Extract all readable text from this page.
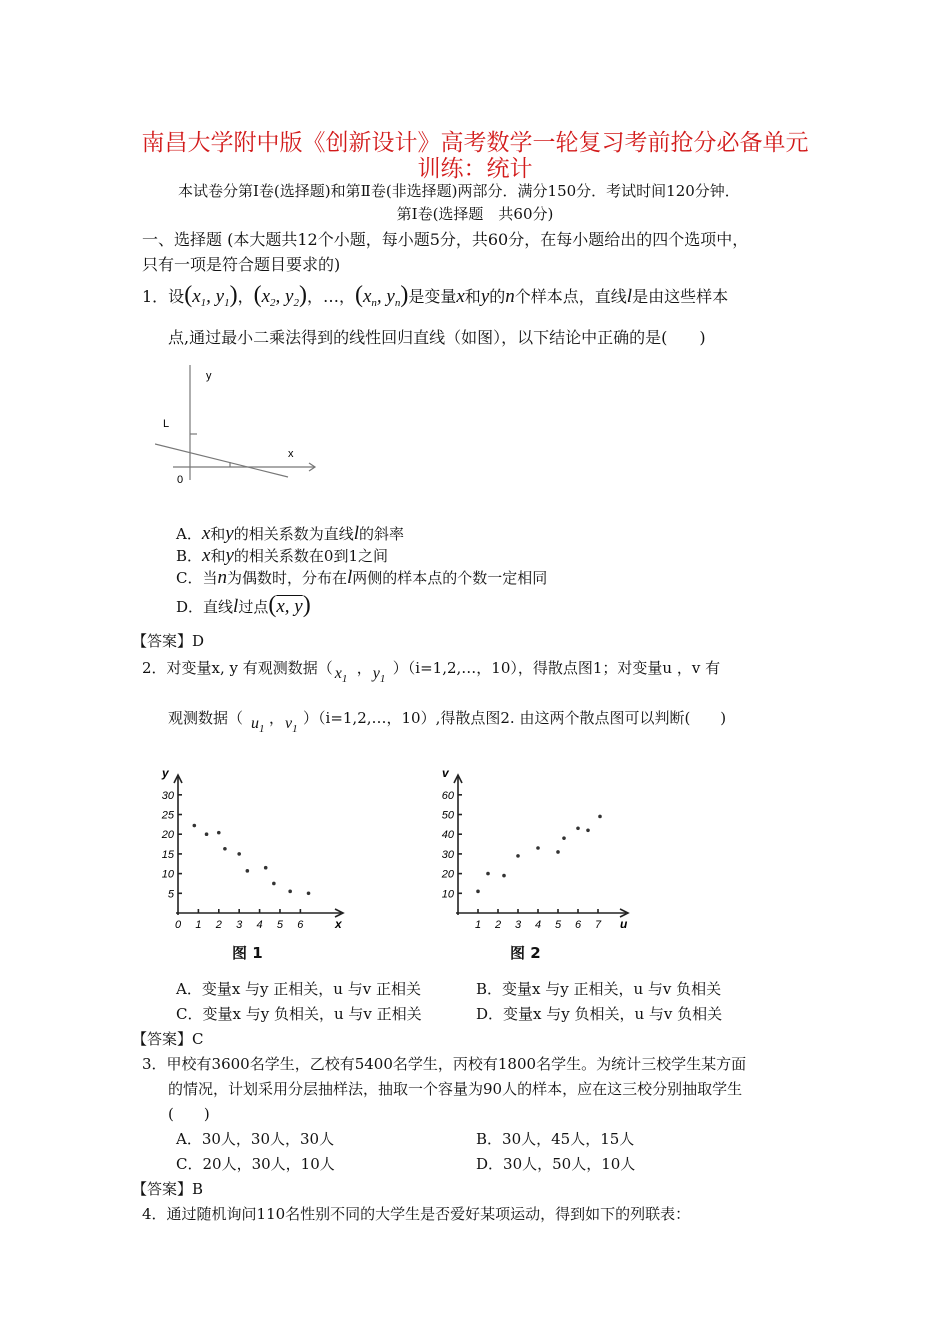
南昌大学附中版《创新设计》高考数学一轮复习考前抢分必备单元
训练：统计
本试卷分第Ⅰ卷(选择题)和第Ⅱ卷(非选择题)两部分．满分150分．考试时间120分钟．
第Ⅰ卷(选择题　共60分)
一、选择题 (本大题共12个小题，每小题5分，共60分，在每小题给出的四个选项中，
只有一项是符合题目要求的)
1．设($x_1$, $y_1$)，($x_2$, $y_2$)，…，($x_n$, $y_n$)是变量x和y的n个样本点，直线l是由这些样本
点,通过最小二乘法得到的线性回归直线（如图），以下结论中正确的是(　　)
y
L
x
0
A．x和y的相关系数为直线l的斜率
B．x和y的相关系数在0到1之间
C．当n为偶数时，分布在l两侧的样本点的个数一定相同
D．直线l过点(x, y)
【答案】D
2．对变量x, y 有观测数据（ $x_1$
， $y_1$
）（i=1,2,…，10），得散点图1；对变量u ，v 有
观测数据（ $u_1$
， $v_1$
）（i=1,2,…，10）,得散点图2. 由这两个散点图可以判断(　　)
5
10
15
20
25
30
0 1 2 3 4 5 6
y
x
10
20
30
40
50
60
1 2 3 4 5 6 7
v
u
图 1	图 2
A．变量x 与y 正相关，u 与v 正相关	B．变量x 与y 正相关，u 与v 负相关
C．变量x 与y 负相关，u 与v 正相关	D．变量x 与y 负相关，u 与v 负相关
【答案】C
3．甲校有3600名学生，乙校有5400名学生，丙校有1800名学生。为统计三校学生某方面
的情况，计划采用分层抽样法，抽取一个容量为90人的样本，应在这三校分别抽取学生
(　　)
A．30人，30人，30人	B．30人，45人，15人
C．20人，30人，10人	D．30人，50人，10人
【答案】B
4．通过随机询问110名性别不同的大学生是否爱好某项运动，得到如下的列联表：
